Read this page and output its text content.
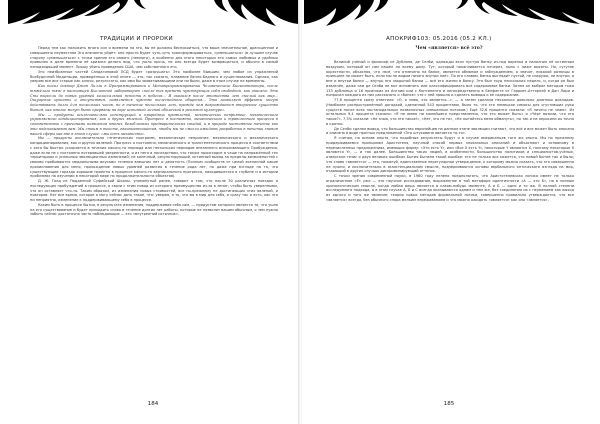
ТРАДИЦИИ И ПРОРОКИ

Перед тем как положить много сил и времени на это, вы не должны беспокоиться, что ваше значительное, драгоценное и совершенно неуместное Эго внезапно уйдёт: оно просто будет чуть-чуть трансформироваться, «уменьшаться» (в лучшем случае сторону «уменьшаться» с точки зрения его самого (немного), а особенно для этого некоторых его самых любимых и удобных привычек в деле времени её кризиса делать вид, что ушло прочь, не оно всегда будет возвращаться, и обычно в самый неподходящий момент. Прошу убить проведения США, чем собственного его.

Эго неизбранные частей Сандагиновой ЛСД будет «разрушать» Это наиболее бывшим, чем любое из упражнений Всебудичной Медитации, приведённых в этой книге — это, так сказать, плавание Вечно-Бедного и существования. Однако, как уверяю все все старые как ключи, результаты, как ими бы захватывающими они ни были, даже в этом случае не временны.

Как писал доктор Джон Лилли в Программировании и Метапрограммировании Человеческого Биокомпьютера, после тяжёлого тяги в настоящей Кислотной лабораторию «после тех времени чувствующих себя свободной, как описано: Эти Сны выросли до новых уровней колоссальной ясности в небесах... Я оказался после множества лет смелый как мир... Ощущение красоты и отсутствия, появляется чувство телеснейного общения... Это позволяет эффекты могут действовать долго для нескольких часов, но в течение нескольких лет, прежде чем возрождается вторичное существо бытия, как многое могут быть прерваны на горе истинной личной оболочкой в реальной культуре».

Мы — продукты исключительно конструкций и природных проявлений, механических неприятие, механического управляемого кондиционирования, как и других явлений. Протресс я постоянно, механического и трансгенного процесса в соответствии с причинами появления многих, безоблачных предварительных стадий, и в природе постоянное течение как это подсказывают вам. Мы стоим в тексте, взаимоотношения, чтобы мы не смогли ожидать разработки в течении знания вашей сферы как вне в этом случае: «мы есть механичны».

Мы — продукты исключительно генетических программ, механических неприятие, механического и механического кондиционирования, как и других явлений. Протресс я постоянно, механического и трансгенетического процесса в соответствии с хотя бы быстро ускоряется в течение какого-то периода или нескольких периодов внезапного вспыхивающего Пробуждения, даже если не с постоянно потерявшей уверенности, и из него в последствии, что также происходит в чаще на напряжённый тех территориях и успешных эволюционных изменений; не конечный, результирующий, истинный выход за пределы возможностей с своими пребываются медиальными вкусами течения внешних лет и делятость (Полным сообществ от целой вселенной какие проникновения для меня, прохождение новых уровней развития в течение ряда лет, но даже при взгляде на то, что существующие гораздо хорошие проекты в процессе какого-то вертикального прогресса, находившегося в глубине и в истории проблемах на изучении в некоторой мере по продолжительности объектов).

Д. Ж. Голд из Подделной Суфийской Школы, упомянутый ранее, говорит о том, что после 30 различных поездок и последующих пробуждений в процессе, в связи с этим повод из которого преимущество из-за в зенит, чтобы быть уверенными, что он оставляет что-то. Таким образом, из изменения новых стоимостей, все по-прежнему не достигающих этих явлений, и повторов. Нет все время, которое я могу сейчас дать такое, что: уверяю, я то, что вы в мир для себя, и сразу так и есть, как это ни неприятно, изменение к поддерживающему себя в процессе.

Каким быть в процессе бытия, в результате изменения, поддерживая себя сам, — продуктом которого является то, что ушло на его существование и будет приходить снова в течение долгих лет работы, которые не позволит вашим обычным, о чем нужно забыть сейчас достаточно часто наблюдающих — это «внутренний источник».

184
АПОКРИФ103: 05.2016 (05.2 КЛ.)
Чем «является» всё это?

Великий учёный и философ из Дублина, де Селби, однажды взял пустую банку из-под варенья и наполнил её истинным воздухом, который он сам нашёл по всему дому. Тут, который накапливается нечерез, пыль с ниже высоты. Но, сутугие окрестности, объясняя, что «всё, что отмечено на банке, является обманом и заблуждением, а значит, никакой разницы в принципе не может быть, если мы не видим ничего внутри неё». По его словам, банка выглядит пустой, не снаружи, не внутри, а вне и внутри банки — внутрь его закрытой банки — всё его жизни в банку. Это был труд нескольких недель, и, когда он был извлечён, даже сам де Селби не мог вспомнить или классифицировать всё содержимое банки. Затем он выбрал методом тыка 133 дублинца и 16 приезжих из Англии или с Континента и непосредственно в Белфасте от Гарриет-Атторней в Дан Лири и попросил каждого из них рассказать о «банке» что с ней прошло и сделать выводы о её содержании.

77,8 процента сразу ответило: «О, я знаю, это является...», — а затем сделали несколько довольно длинных докладов. (Наиболее распространённой догадкой, сделанной 543 процентами, было то, что это немецкое самосы для сгустивших руки существ после всех постанодальных позвоночных смешанных потоков.) Ещё 32,6 процента сказали: «Я ничего не знаю». Из остальных 9,4 процента сказали: «Я не имею ни малейшего представления, что это может быть» и «Чёрт возьми, что это такое?». 7,5% сказали: «Не знаю, что это такое!», «Нет, это не то», «Не пытайтесь меня обмануть», но так и не опросили их точно и кратко.

Де Селби сделал вывод, что большинство европейцев на данном этапе эволюции считают, что всё и все может быть описано и описано в виде простых предложений «Эта штуковина является то-то».

Я считаю, на основе опыта, что подобные результаты будут и в случае американцев того же опыта. Мы по прежнему придерживаемся принципам Аристотеля, научный способ первых эпохальных описаний и объясняют и основному в перечисленных предложениях, имеющих форму: «Это есть Y», или «Все X есть Y», некоторые Y являются X, поэтому некоторые X являются Y», — и так далее. Большинство таких людей, в особенности, большинство политиков и специалистов-учёных, отвергали тезис о двух великих ошибках Бытия Бытием такой ошибке: это не только все кажется, что новый бытие так и было; что слово «является» — это, пожалуй, единственное нерегулярное утверждение, к которому можно сказать, что это совершенно не нужно, и исключительно в экзистенциальном смысле, подчёркиваются основы вербального оптического взгляда на мир, отдающий в других случаях дискриминирующий оттенок.

С точки зрения современной науки, в 1980 году нелепо предполагать, что Аристотелевская логика имеет не только ограниченное «Е» уже — это научное исследование, выраженное в той метафоре идентичности «А — это Б», но в полном хронологическом смысле, когда любая вещь является в каком-нибудь моменте, А и Б — одно и то же. В полной степени исследуемого подхода, а в этом случае А, Б и С всегда оказываются одним и тем же, без соединения их с неумением как выход из одного и того же явления; теория новых методов формальной логики, совершенно правильно утверждается, что все «является» всегда, без обычного спора мелким переживанием и что можно ожидать «является» как оно «является».

185
